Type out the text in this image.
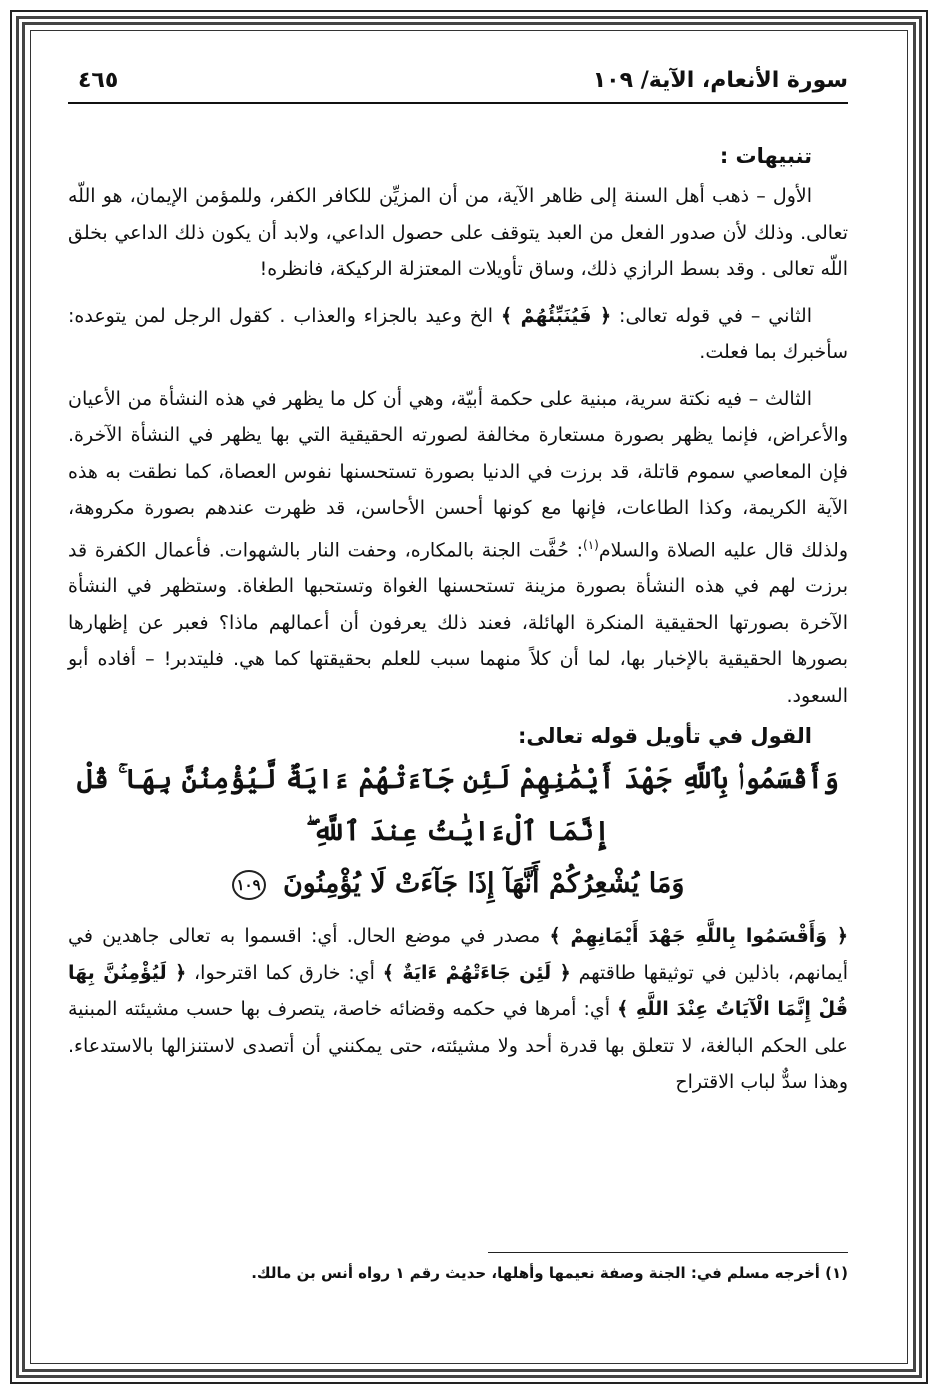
سورة الأنعام، الآية/ ١٠٩
٤٦٥
تنبيهات :

الأول – ذهب أهل السنة إلى ظاهر الآية، من أن المزيِّن للكافر الكفر، وللمؤمن الإيمان، هو اللّه تعالى. وذلك لأن صدور الفعل من العبد يتوقف على حصول الداعي، ولابد أن يكون ذلك الداعي بخلق اللّه تعالى . وقد بسط الرازي ذلك، وساق تأويلات المعتزلة الركيكة، فانظره!

الثاني – في قوله تعالى: ﴿ فَيُنَبِّئُهُمْ ﴾ الخ وعيد بالجزاء والعذاب . كقول الرجل لمن يتوعده: سأخبرك بما فعلت.

الثالث – فيه نكتة سرية، مبنية على حكمة أبيّة، وهي أن كل ما يظهر في هذه النشأة من الأعيان والأعراض، فإنما يظهر بصورة مستعارة مخالفة لصورته الحقيقية التي بها يظهر في النشأة الآخرة. فإن المعاصي سموم قاتلة، قد برزت في الدنيا بصورة تستحسنها نفوس العصاة، كما نطقت به هذه الآية الكريمة، وكذا الطاعات، فإنها مع كونها أحسن الأحاسن، قد ظهرت عندهم بصورة مكروهة، ولذلك قال عليه الصلاة والسلام$^{(١)}$: حُفَّت الجنة بالمكاره، وحفت النار بالشهوات. فأعمال الكفرة قد برزت لهم في هذه النشأة بصورة مزينة تستحسنها الغواة وتستحبها الطغاة. وستظهر في النشأة الآخرة بصورتها الحقيقية المنكرة الهائلة، فعند ذلك يعرفون أن أعمالهم ماذا؟ فعبر عن إظهارها بصورها الحقيقية بالإخبار بها، لما أن كلاً منهما سبب للعلم بحقيقتها كما هي. فليتدبر! – أفاده أبو السعود.

القول في تأويل قوله تعالى:
وَأَقْسَمُوا۟ بِٱللَّهِ جَهْدَ أَيْمَٰنِهِمْ لَئِن جَآءَتْهُمْ ءَايَةٌ لَّيُؤْمِنُنَّ بِهَا ۚ قُلْ إِنَّمَا ٱلْءَايَٰتُ عِندَ ٱللَّهِ ۖ
وَمَا يُشْعِرُكُمْ أَنَّهَآ إِذَا جَآءَتْ لَا يُؤْمِنُونَ ١٠٩

﴿ وَأَقْسَمُوا بِاللَّهِ جَهْدَ أَيْمَانِهِمْ ﴾ مصدر في موضع الحال. أي: اقسموا به تعالى جاهدين في أيمانهم، باذلين في توثيقها طاقتهم ﴿ لَئِن جَاءَتْهُمْ ءَايَةٌ ﴾ أي: خارق كما اقترحوا، ﴿ لَيُؤْمِنُنَّ بِهَا قُلْ إِنَّمَا الْآيَاتُ عِنْدَ اللَّهِ ﴾ أي: أمرها في حكمه وقضائه خاصة، يتصرف بها حسب مشيئته المبنية على الحكم البالغة، لا تتعلق بها قدرة أحد ولا مشيئته، حتى يمكنني أن أتصدى لاستنزالها بالاستدعاء. وهذا سدٌّ لباب الاقتراح

(١) أخرجه مسلم في: الجنة وصفة نعيمها وأهلها، حديث رقم ١ رواه أنس بن مالك.
